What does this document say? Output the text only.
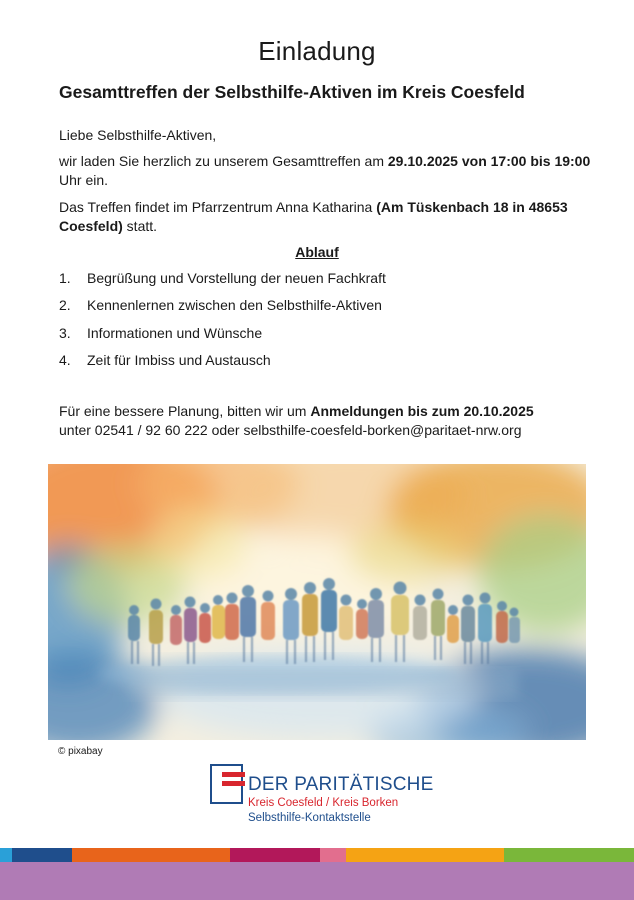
Einladung
Gesamttreffen der Selbsthilfe-Aktiven im Kreis Coesfeld
Liebe Selbsthilfe-Aktiven,
wir laden Sie herzlich zu unserem Gesamttreffen am 29.10.2025 von 17:00 bis 19:00 Uhr ein.
Das Treffen findet im Pfarrzentrum Anna Katharina (Am Tüskenbach 18 in 48653 Coesfeld) statt.
Ablauf
1.	Begrüßung und Vorstellung der neuen Fachkraft
2.	Kennenlernen zwischen den Selbsthilfe-Aktiven
3.	Informationen und Wünsche
4.	Zeit für Imbiss und Austausch
Für eine bessere Planung, bitten wir um Anmeldungen bis zum 20.10.2025
unter 02541 / 92 60 222 oder selbsthilfe-coesfeld-borken@paritaet-nrw.org
© pixabay
DER PARITÄTISCHE
Kreis Coesfeld / Kreis Borken
Selbsthilfe-Kontaktstelle
